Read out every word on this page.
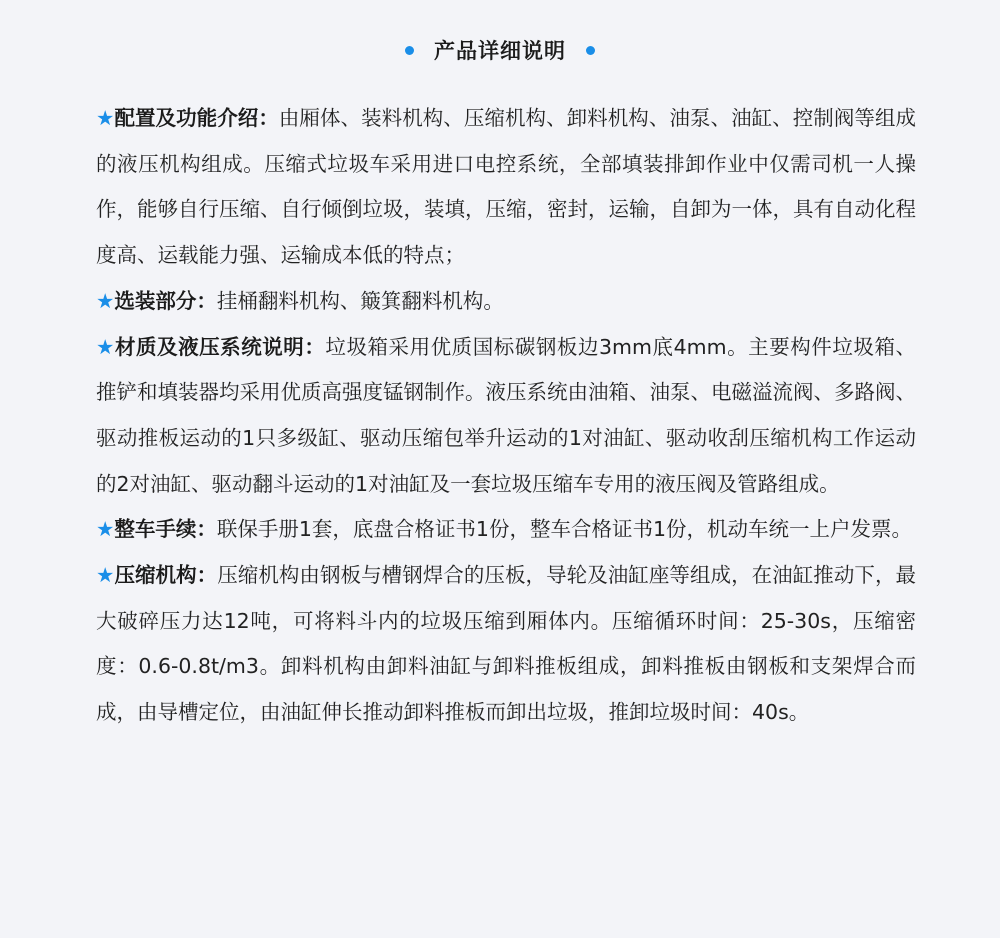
产品详细说明

★配置及功能介绍：由厢体、装料机构、压缩机构、卸料机构、油泵、油缸、控制阀等组成的液压机构组成。压缩式垃圾车采用进口电控系统，全部填装排卸作业中仅需司机一人操作，能够自行压缩、自行倾倒垃圾，装填，压缩，密封，运输，自卸为一体，具有自动化程度高、运载能力强、运输成本低的特点；

★选装部分：挂桶翻料机构、簸箕翻料机构。

★材质及液压系统说明：垃圾箱采用优质国标碳钢板边3mm底4mm。主要构件垃圾箱、推铲和填装器均采用优质高强度锰钢制作。液压系统由油箱、油泵、电磁溢流阀、多路阀、驱动推板运动的1只多级缸、驱动压缩包举升运动的1对油缸、驱动收刮压缩机构工作运动的2对油缸、驱动翻斗运动的1对油缸及一套垃圾压缩车专用的液压阀及管路组成。

★整车手续：联保手册1套，底盘合格证书1份，整车合格证书1份，机动车统一上户发票。

★压缩机构：压缩机构由钢板与槽钢焊合的压板，导轮及油缸座等组成，在油缸推动下，最大破碎压力达12吨，可将料斗内的垃圾压缩到厢体内。压缩循环时间：25-30s，压缩密度：0.6-0.8t/m3。卸料机构由卸料油缸与卸料推板组成，卸料推板由钢板和支架焊合而成，由导槽定位，由油缸伸长推动卸料推板而卸出垃圾，推卸垃圾时间：40s。
